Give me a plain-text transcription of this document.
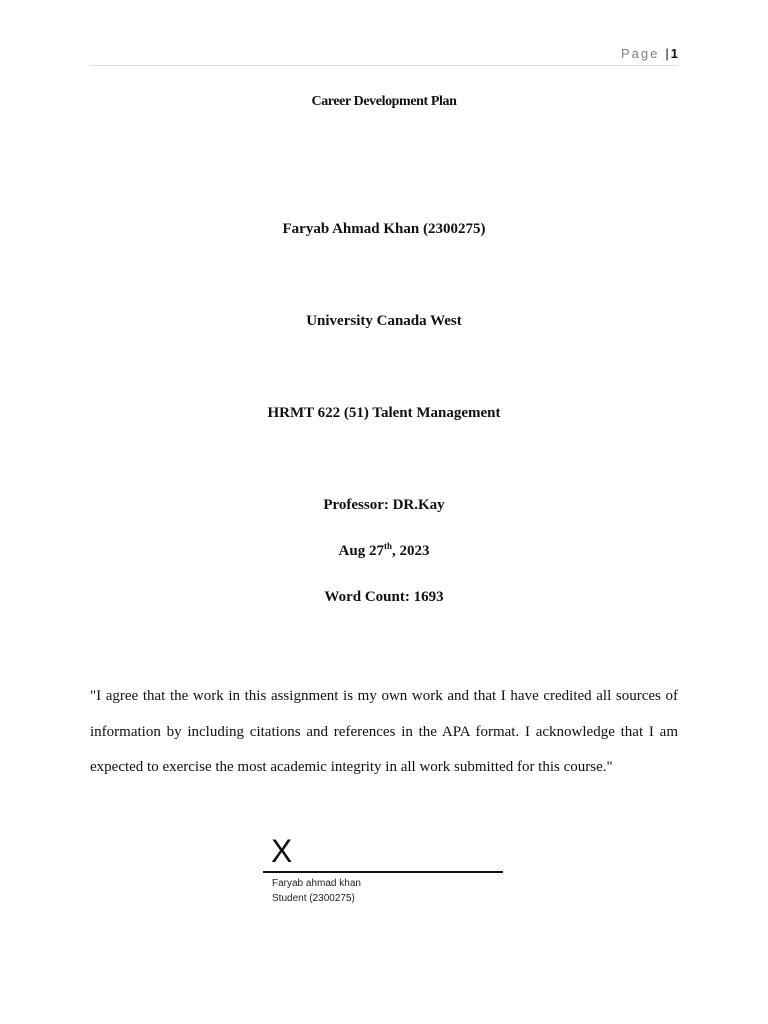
Page | 1
Career Development Plan
Faryab Ahmad Khan (2300275)
University Canada West
HRMT 622 (51) Talent Management
Professor: DR.Kay
Aug 27th, 2023
Word Count: 1693
"I agree that the work in this assignment is my own work and that I have credited all sources of information by including citations and references in the APA format. I acknowledge that I am expected to exercise the most academic integrity in all work submitted for this course."
X
Faryab ahmad khan
Student (2300275)
